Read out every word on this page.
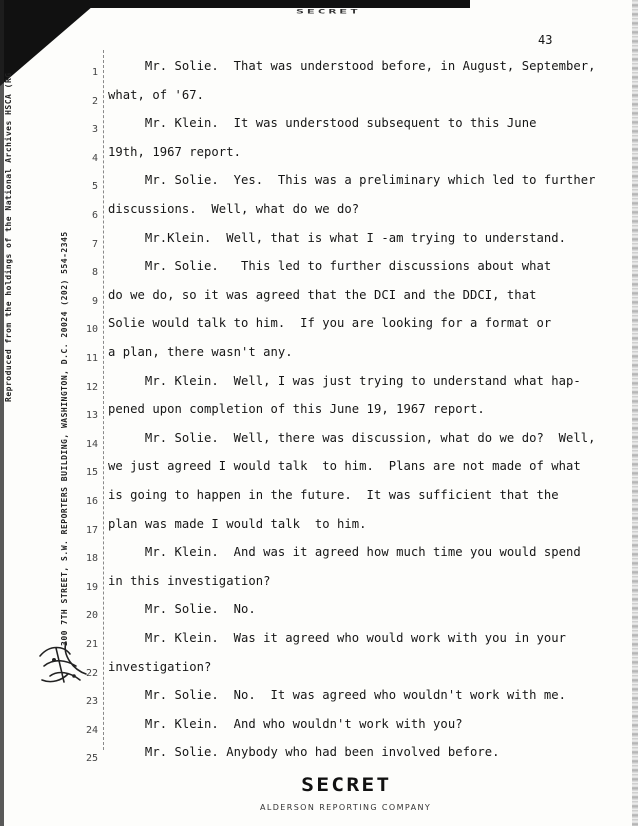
SECRET
43
Reproduced from the holdings of the National Archives HSCA (RG	300 7TH STREET, S.W. REPORTERS BUILDING, WASHINGTON, D.C. 20024 (202) 554-2345
1 Mr. Solie.  That was understood before, in August, September,
2 what, of '67.
3 Mr. Klein.  It was understood subsequent to this June
4 19th, 1967 report.
5 Mr. Solie.  Yes.  This was a preliminary which led to further
6 discussions.  Well, what do we do?
7 Mr.Klein.  Well, that is what I -am trying to understand.
8 Mr. Solie.   This led to further discussions about what
9 do we do, so it was agreed that the DCI and the DDCI, that
10 Solie would talk to him.  If you are looking for a format or
11 a plan, there wasn't any.
12 Mr. Klein.  Well, I was just trying to understand what hap-
13 pened upon completion of this June 19, 1967 report.
14 Mr. Solie.  Well, there was discussion, what do we do?  Well,
15 we just agreed I would talk  to him.  Plans are not made of what
16 is going to happen in the future.  It was sufficient that the
17 plan was made I would talk  to him.
18 Mr. Klein.  And was it agreed how much time you would spend
19 in this investigation?
20 Mr. Solie.  No.
21 Mr. Klein.  Was it agreed who would work with you in your
22 investigation?
23 Mr. Solie.  No.  It was agreed who wouldn't work with me.
24 Mr. Klein.  And who wouldn't work with you?
25 Mr. Solie. Anybody who had been involved before.
SECRET
ALDERSON REPORTING COMPANY
